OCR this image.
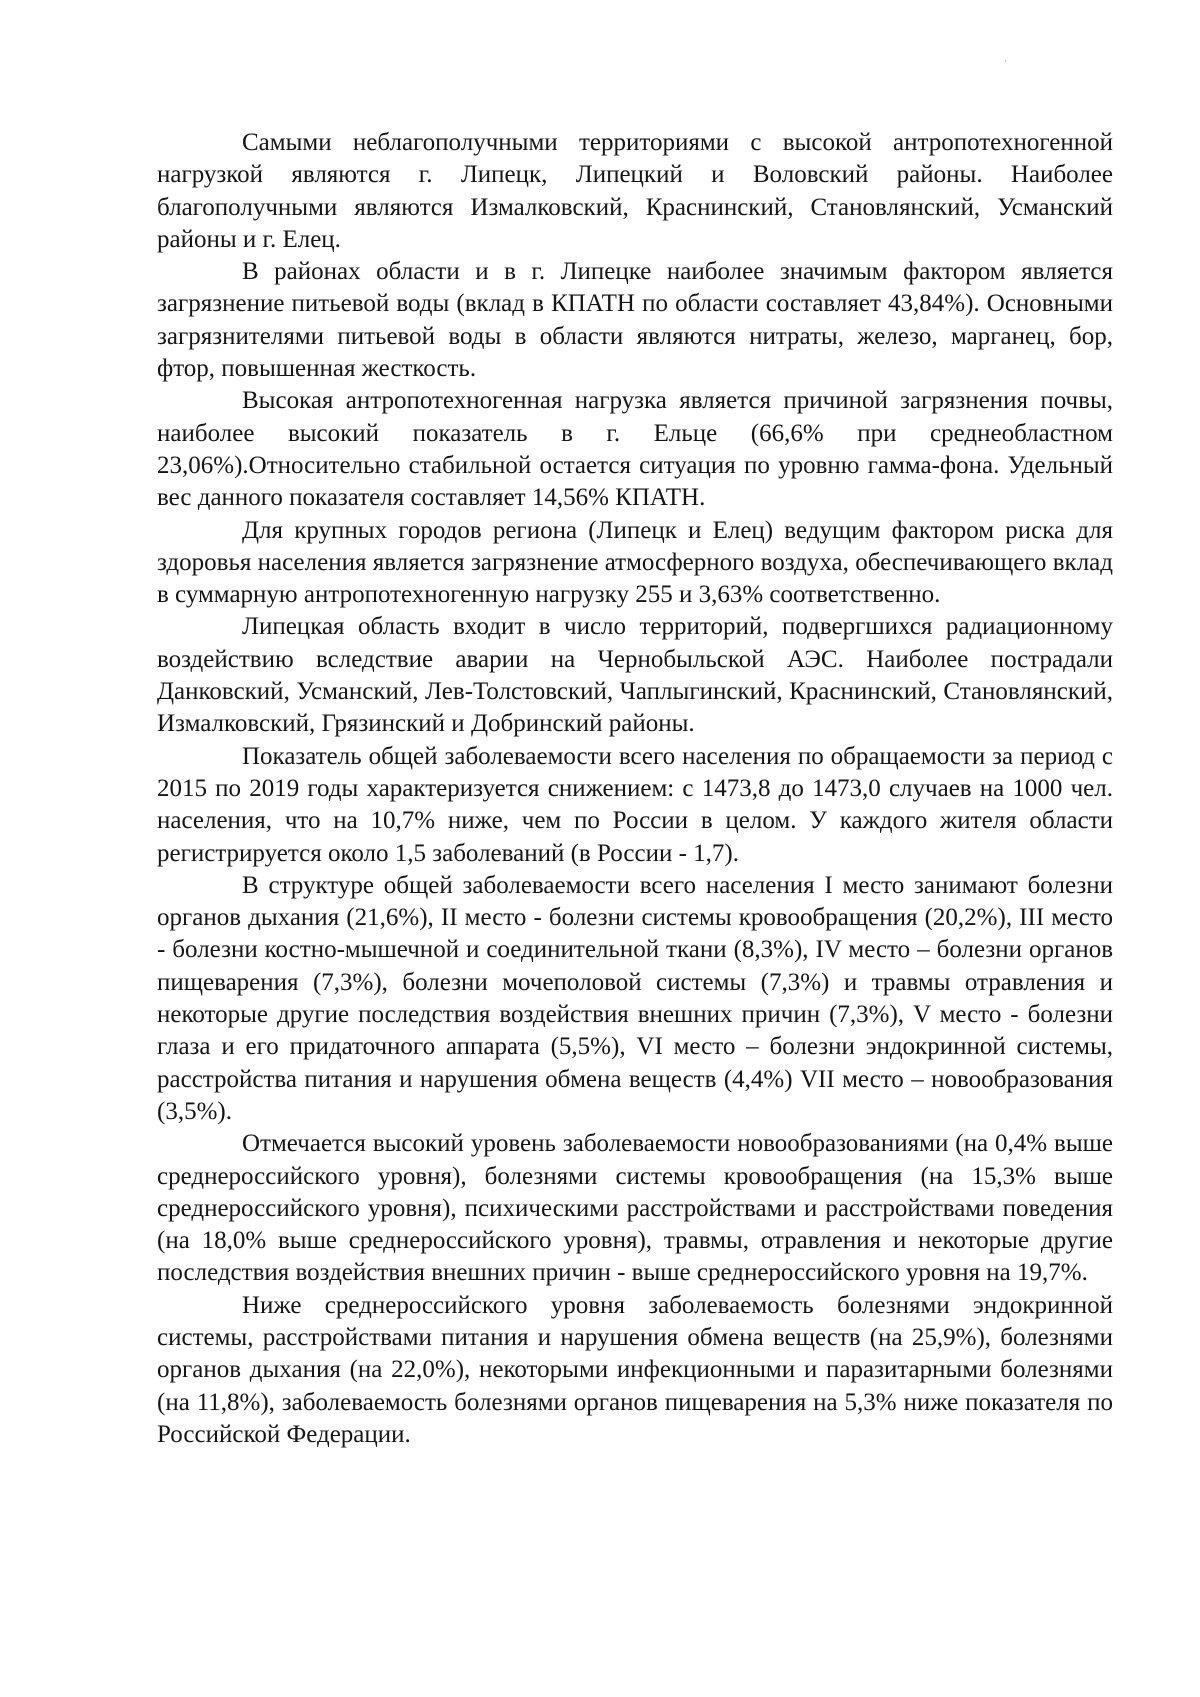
Самыми неблагополучными территориями с высокой антропотехногенной нагрузкой являются г. Липецк, Липецкий и Воловский районы. Наиболее благополучными являются Измалковский, Краснинский, Становлянский, Усманский районы и г. Елец.

В районах области и в г. Липецке наиболее значимым фактором является загрязнение питьевой воды (вклад в КПАТН по области составляет 43,84%). Основными загрязнителями питьевой воды в области являются нитраты, железо, марганец, бор, фтор, повышенная жесткость.

Высокая антропотехногенная нагрузка является причиной загрязнения почвы, наиболее высокий показатель в г. Ельце (66,6% при среднеобластном 23,06%).Относительно стабильной остается ситуация по уровню гамма-фона. Удельный вес данного показателя составляет 14,56% КПАТН.

Для крупных городов региона (Липецк и Елец) ведущим фактором риска для здоровья населения является загрязнение атмосферного воздуха, обеспечивающего вклад в суммарную антропотехногенную нагрузку 255 и 3,63% соответственно.

Липецкая область входит в число территорий, подвергшихся радиационному воздействию вследствие аварии на Чернобыльской АЭС. Наиболее пострадали Данковский, Усманский, Лев-Толстовский, Чаплыгинский, Краснинский, Становлянский, Измалковский, Грязинский и Добринский районы.

Показатель общей заболеваемости всего населения по обращаемости за период с 2015 по 2019 годы характеризуется снижением: с 1473,8 до 1473,0 случаев на 1000 чел. населения, что на 10,7% ниже, чем по России в целом. У каждого жителя области регистрируется около 1,5 заболеваний (в России - 1,7).

В структуре общей заболеваемости всего населения I место занимают болезни органов дыхания (21,6%), II место - болезни системы кровообращения (20,2%), III место - болезни костно-мышечной и соединительной ткани (8,3%), IV место – болезни органов пищеварения (7,3%), болезни мочеполовой системы (7,3%) и травмы отравления и некоторые другие последствия воздействия внешних причин (7,3%), V место - болезни глаза и его придаточного аппарата (5,5%), VI место – болезни эндокринной системы, расстройства питания и нарушения обмена веществ (4,4%) VII место – новообразования (3,5%).

Отмечается высокий уровень заболеваемости новообразованиями (на 0,4% выше среднероссийского уровня), болезнями системы кровообращения (на 15,3% выше среднероссийского уровня), психическими расстройствами и расстройствами поведения (на 18,0% выше среднероссийского уровня), травмы, отравления и некоторые другие последствия воздействия внешних причин - выше среднероссийского уровня на 19,7%.

Ниже среднероссийского уровня заболеваемость болезнями эндокринной системы, расстройствами питания и нарушения обмена веществ (на 25,9%), болезнями органов дыхания (на 22,0%), некоторыми инфекционными и паразитарными болезнями (на 11,8%), заболеваемость болезнями органов пищеварения на 5,3% ниже показателя по Российской Федерации.
